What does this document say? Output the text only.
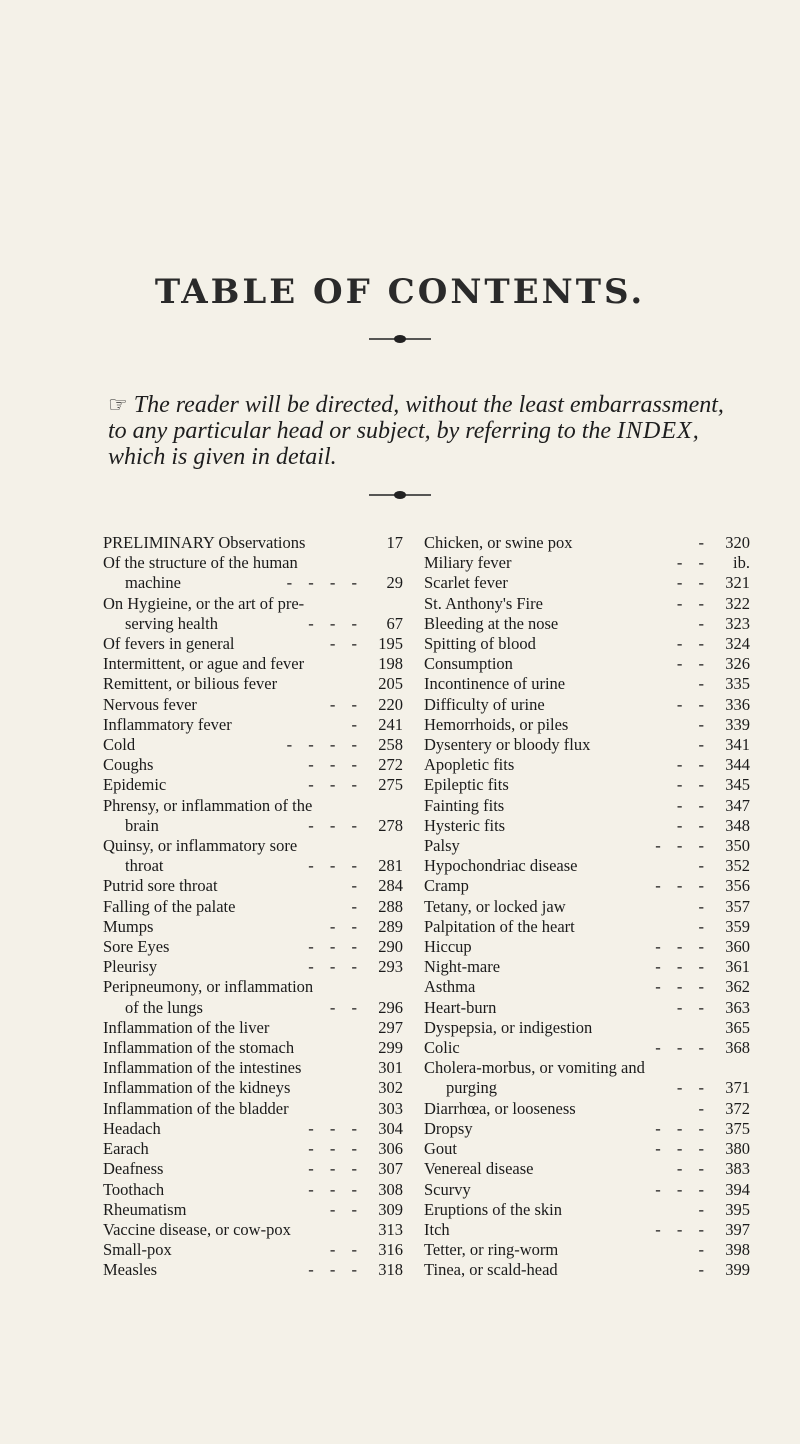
TABLE OF CONTENTS.
☞ The reader will be directed, without the least embarrassment, to any particular head or subject, by referring to the INDEX, which is given in detail.
PRELIMINARY Observations	17
Of the structure of the human
machine	- - - -	29
On Hygieine, or the art of pre-
serving health	- - -	67
Of fevers in general	- - 195
Intermittent, or ague and fever	198
Remittent, or bilious fever	205
Nervous fever	- - 220
Inflammatory fever	- 241
Cold	- - - - 258
Coughs	- - - 272
Epidemic	- - - 275
Phrensy, or inflammation of the
brain	- - - 278
Quinsy, or inflammatory sore
throat	- - - 281
Putrid sore throat	- 284
Falling of the palate	- 288
Mumps	- - 289
Sore Eyes	- - - 290
Pleurisy	- - - 293
Peripneumony, or inflammation
of the lungs	- - 296
Inflammation of the liver	297
Inflammation of the stomach	299
Inflammation of the intestines	301
Inflammation of the kidneys	302
Inflammation of the bladder	303
Headach	- - - 304
Earach	- - - 306
Deafness	- - - 307
Toothach	- - - 308
Rheumatism	- - 309
Vaccine disease, or cow-pox	313
Small-pox	- - 316
Measles	- - - 318
Chicken, or swine pox	- 320
Miliary fever	- -	ib.
Scarlet fever	- - 321
St. Anthony's Fire	- - 322
Bleeding at the nose	- 323
Spitting of blood	- - 324
Consumption	- - 326
Incontinence of urine	- 335
Difficulty of urine	- - 336
Hemorrhoids, or piles	- 339
Dysentery or bloody flux	- 341
Apopletic fits	- - 344
Epileptic fits	- - 345
Fainting fits	- - 347
Hysteric fits	- - 348
Palsy	- - - 350
Hypochondriac disease	- 352
Cramp	- - - 356
Tetany, or locked jaw	- 357
Palpitation of the heart	- 359
Hiccup	- - - 360
Night-mare	- - - 361
Asthma	- - - 362
Heart-burn	- - 363
Dyspepsia, or indigestion	365
Colic	- - - 368
Cholera-morbus, or vomiting and
purging	- - 371
Diarrhœa, or looseness	- 372
Dropsy	- - - 375
Gout	- - - 380
Venereal disease	- - 383
Scurvy	- - - 394
Eruptions of the skin	- 395
Itch	- - - 397
Tetter, or ring-worm	- 398
Tinea, or scald-head	- 399
